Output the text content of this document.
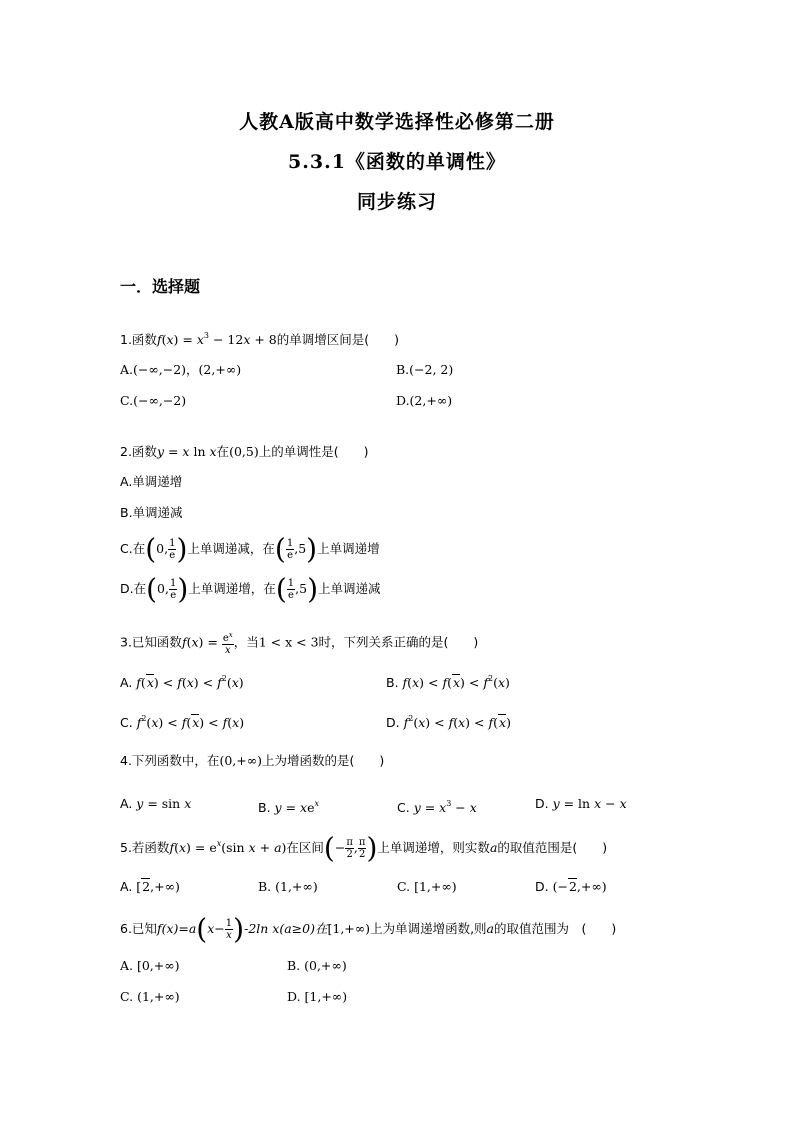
人教A版高中数学选择性必修第二册
5.3.1《函数的单调性》
同步练习
一．选择题
1.函数$f(x) = x^3 - 12x + 8$的单调增区间是(　　)
A.(−∞,−2)，(2,+∞)	B.(−2, 2)
C.(−∞,−2)	D.(2,+∞)
2.函数y = x ln x在(0,5)上的单调性是(　　)
A.单调递增
B.单调递减
C.在(0, $\frac{1}{e}$ )上单调递减，在( $\frac{1}{e} ,5$)上单调递增
D.在(0, $\frac{1}{e}$ )上单调递增，在( $\frac{1}{e} ,5$)上单调递减
3.已知函数$f(x) = \frac{e^x}{x}$ ，当1 < x < 3时，下列关系正确的是(　　)
A. $f(x) < f(x) < f^2(x)$	B. $f(x) < f(x) < f^2(x)$
C. $f^2(x) < f(x) < f(x)$	D. $f^2(x) < f(x) < f(x)$
4.下列函数中，在(0,+∞)上为增函数的是(　　)
A. y = sin x	B. $y = xe^x$	C. $y = x^3 - x$	D. y = ln x − x
5.若函数$f(x) = e^x(\sin$ x + a)在区间(− $\frac{\pi}{2}$ , $\frac{\pi}{2}$ )上单调递增，则实数a的取值范围是(　　)
A. [2,+∞)	B. (1,+∞)	C. [1,+∞)	D. (−2,+∞)
6.已知$f(x)=a(x- \frac{1}{x} )-2\ln$ x(a≥0)在[1,+∞)上为单调递增函数,则a的取值范围为　(　　)
A. [0,+∞)	B. (0,+∞)
C. (1,+∞)	D. [1,+∞)
